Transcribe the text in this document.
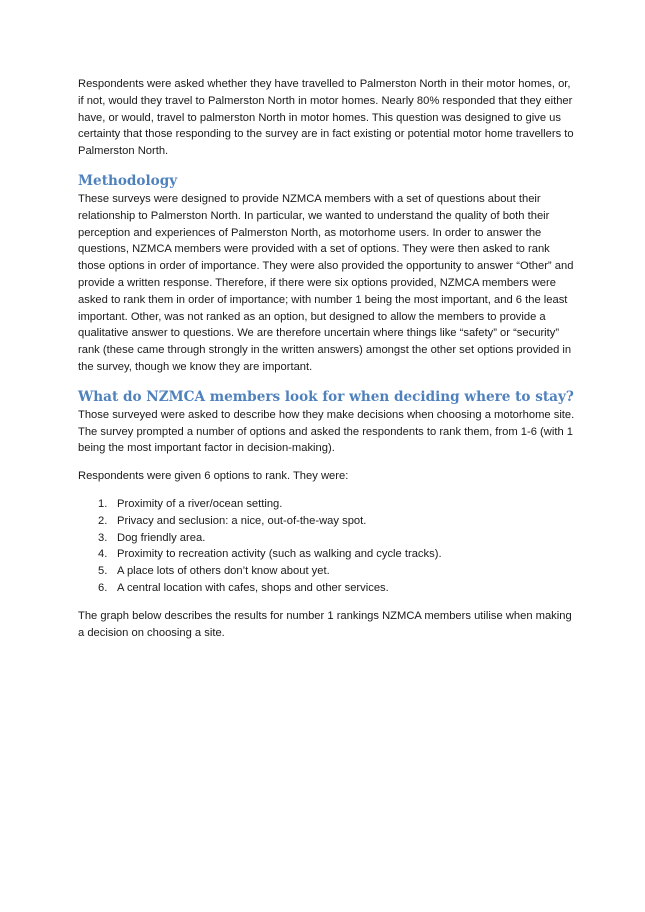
Respondents were asked whether they have travelled to Palmerston North in their motor homes, or, if not, would they travel to Palmerston North in motor homes. Nearly 80% responded that they either have, or would, travel to palmerston North in motor homes. This question was designed to give us certainty that those responding to the survey are in fact existing or potential motor home travellers to Palmerston North.

Methodology

These surveys were designed to provide NZMCA members with a set of questions about their relationship to Palmerston North. In particular, we wanted to understand the quality of both their perception and experiences of Palmerston North, as motorhome users. In order to answer the questions, NZMCA members were provided with a set of options. They were then asked to rank those options in order of importance. They were also provided the opportunity to answer “Other” and provide a written response. Therefore, if there were six options provided, NZMCA members were asked to rank them in order of importance; with number 1 being the most important, and 6 the least important. Other, was not ranked as an option, but designed to allow the members to provide a qualitative answer to questions. We are therefore uncertain where things like “safety” or “security” rank (these came through strongly in the written answers) amongst the other set options provided in the survey, though we know they are important.

What do NZMCA members look for when deciding where to stay?

Those surveyed were asked to describe how they make decisions when choosing a motorhome site. The survey prompted a number of options and asked the respondents to rank them, from 1-6 (with 1 being the most important factor in decision-making).

Respondents were given 6 options to rank. They were:

1. Proximity of a river/ocean setting.
2. Privacy and seclusion: a nice, out-of-the-way spot.
3. Dog friendly area.
4. Proximity to recreation activity (such as walking and cycle tracks).
5. A place lots of others don’t know about yet.
6. A central location with cafes, shops and other services.

The graph below describes the results for number 1 rankings NZMCA members utilise when making a decision on choosing a site.
